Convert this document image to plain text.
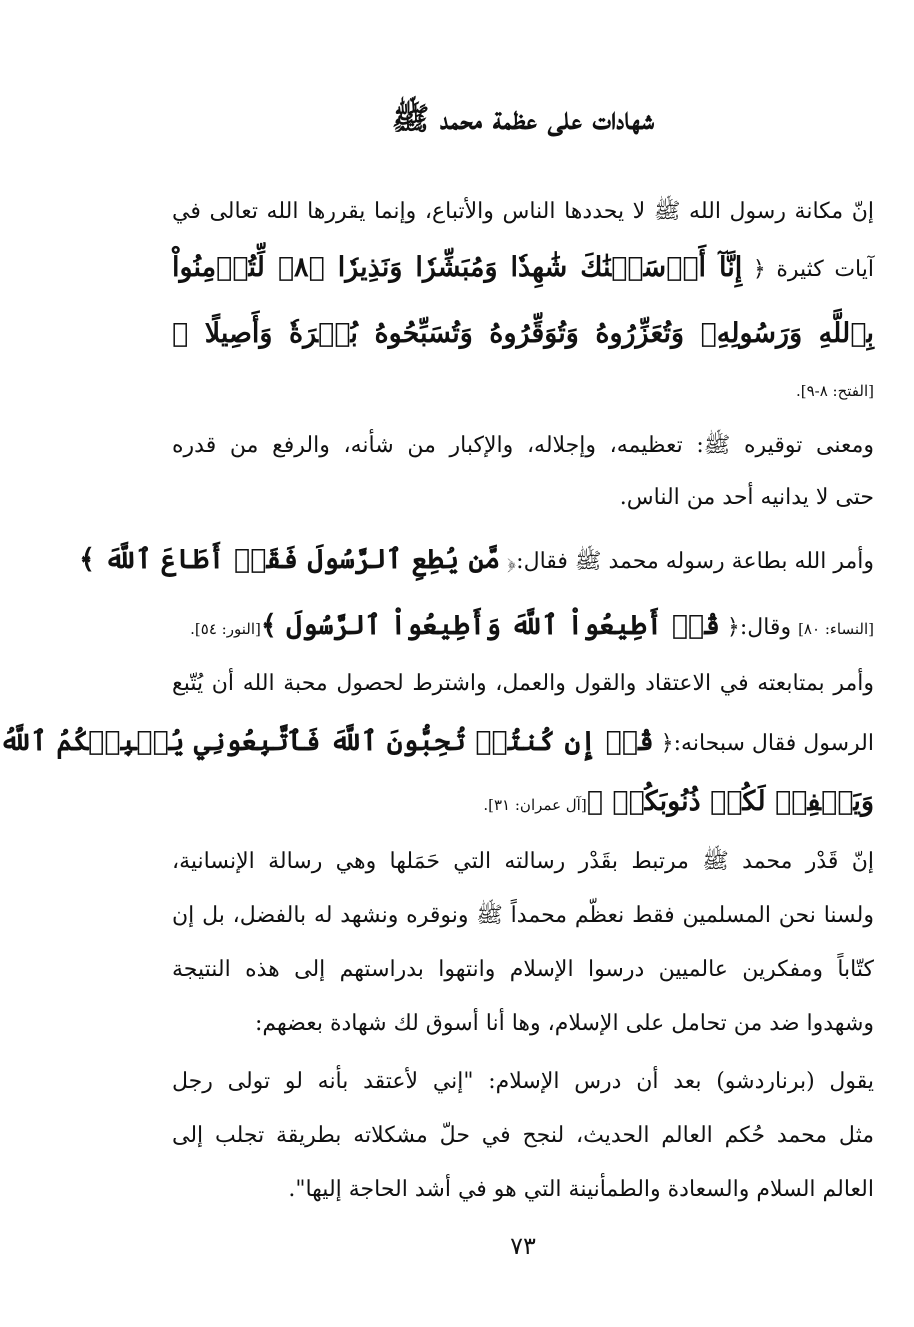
شهادات على عظمة محمد ﷺ
إنّ مكانة رسول الله ﷺ لا يحددها الناس والأتباع، وإنما يقررها الله تعالى في
آيات كثيرة ﴿ إِنَّآ أَرۡسَلۡنَٰكَ شَٰهِدٗا وَمُبَشِّرٗا وَنَذِيرٗا ﴿٨﴾ لِّتُؤۡمِنُواْ
بِٱللَّهِ وَرَسُولِهِۦ وَتُعَزِّرُوهُ وَتُوَقِّرُوهُ وَتُسَبِّحُوهُ بُكۡرَةٗ وَأَصِيلًا ﴾
[الفتح: ٨-٩].
ومعنى توقيره ﷺ: تعظيمه، وإجلاله، والإكبار من شأنه، والرفع من قدره
حتى لا يدانيه أحد من الناس.
وأمر الله بطاعة رسوله محمد ﷺ فقال:﴿ مَّن يُطِعِ ٱلرَّسُولَ فَقَدۡ أَطَاعَ ٱللَّهَ ﴾
[النساء: ٨٠] وقال:﴿ قُلۡ أَطِيعُواْ ٱللَّهَ وَأَطِيعُواْ ٱلرَّسُولَ ﴾[النور: ٥٤].
وأمر بمتابعته في الاعتقاد والقول والعمل، واشترط لحصول محبة الله أن يُتّبع
الرسول فقال سبحانه:﴿ قُلۡ إِن كُنتُمۡ تُحِبُّونَ ٱللَّهَ فَٱتَّبِعُونِي يُحۡبِبۡكُمُ ٱللَّهُ
وَيَغۡفِرۡ لَكُمۡ ذُنُوبَكُمۡ ﴾[آل عمران: ٣١].
إنّ قَدْر محمد ﷺ مرتبط بقَدْر رسالته التي حَمَلها وهي رسالة الإنسانية،
ولسنا نحن المسلمين فقط نعظّم محمداً ﷺ ونوقره ونشهد له بالفضل، بل إن
كتّاباً ومفكرين عالميين درسوا الإسلام وانتهوا بدراستهم إلى هذه النتيجة
وشهدوا ضد من تحامل على الإسلام، وها أنا أسوق لك شهادة بعضهم:
يقول (برناردشو) بعد أن درس الإسلام: "إني لأعتقد بأنه لو تولى رجل
مثل محمد حُكم العالم الحديث، لنجح في حلّ مشكلاته بطريقة تجلب إلى
العالم السلام والسعادة والطمأنينة التي هو في أشد الحاجة إليها".
٧٣
